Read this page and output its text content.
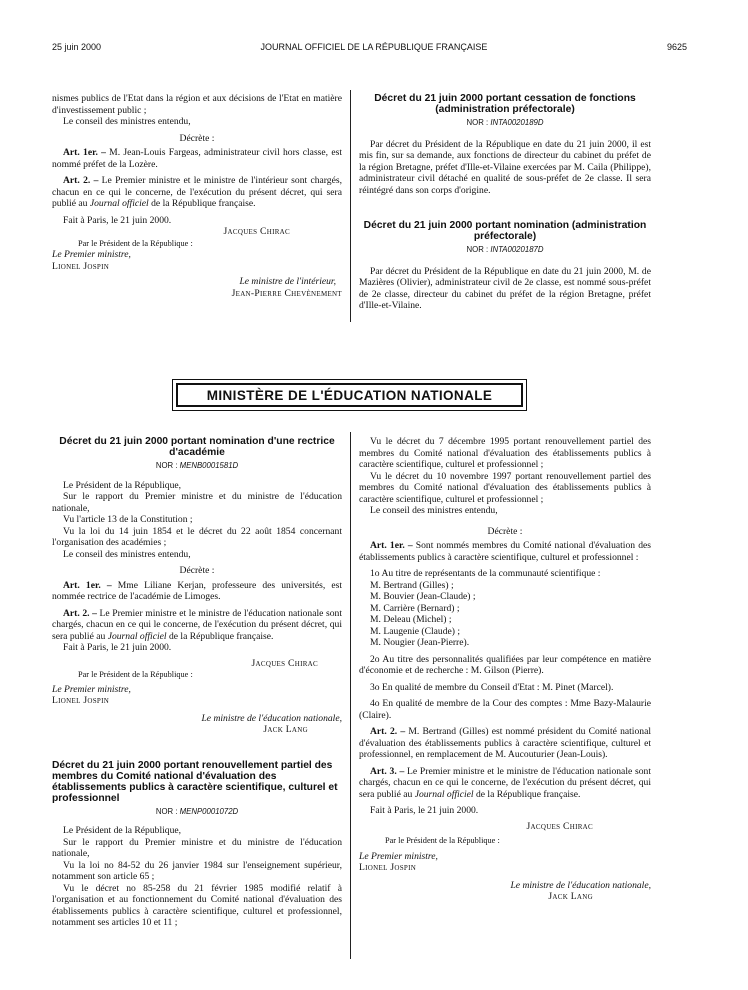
25 juin 2000	JOURNAL OFFICIEL DE LA RÉPUBLIQUE FRANÇAISE	9625

nismes publics de l'Etat dans la région et aux décisions de l'Etat en matière d'investissement public ;

Le conseil des ministres entendu,

Décrète :

Art. 1er. – M. Jean-Louis Fargeas, administrateur civil hors classe, est nommé préfet de la Lozère.

Art. 2. – Le Premier ministre et le ministre de l'intérieur sont chargés, chacun en ce qui le concerne, de l'exécution du présent décret, qui sera publié au Journal officiel de la République française.

Fait à Paris, le 21 juin 2000.

Jacques Chirac

Par le Président de la République :

Le Premier ministre,

Lionel Jospin

Le ministre de l'intérieur,

Jean-Pierre Chevènement

Décret du 21 juin 2000 portant cessation de fonctions (administration préfectorale)

NOR : INTA0020189D

Par décret du Président de la République en date du 21 juin 2000, il est mis fin, sur sa demande, aux fonctions de directeur du cabinet du préfet de la région Bretagne, préfet d'Ille-et-Vilaine exercées par M. Caila (Philippe), administrateur civil détaché en qualité de sous-préfet de 2e classe. Il sera réintégré dans son corps d'origine.

Décret du 21 juin 2000 portant nomination (administration préfectorale)

NOR : INTA0020187D

Par décret du Président de la République en date du 21 juin 2000, M. de Mazières (Olivier), administrateur civil de 2e classe, est nommé sous-préfet de 2e classe, directeur du cabinet du préfet de la région Bretagne, préfet d'Ille-et-Vilaine.

MINISTÈRE DE L'ÉDUCATION NATIONALE

Décret du 21 juin 2000 portant nomination d'une rectrice d'académie

NOR : MENB0001581D

Le Président de la République,

Sur le rapport du Premier ministre et du ministre de l'éducation nationale,

Vu l'article 13 de la Constitution ;

Vu la loi du 14 juin 1854 et le décret du 22 août 1854 concernant l'organisation des académies ;

Le conseil des ministres entendu,

Décrète :

Art. 1er. – Mme Liliane Kerjan, professeure des universités, est nommée rectrice de l'académie de Limoges.

Art. 2. – Le Premier ministre et le ministre de l'éducation nationale sont chargés, chacun en ce qui le concerne, de l'exécution du présent décret, qui sera publié au Journal officiel de la République française.

Fait à Paris, le 21 juin 2000.

Jacques Chirac

Par le Président de la République :

Le Premier ministre,

Lionel Jospin

Le ministre de l'éducation nationale,

Jack Lang

Décret du 21 juin 2000 portant renouvellement partiel des membres du Comité national d'évaluation des établissements publics à caractère scientifique, culturel et professionnel

NOR : MENP0001072D

Le Président de la République,

Sur le rapport du Premier ministre et du ministre de l'éducation nationale,

Vu la loi no 84-52 du 26 janvier 1984 sur l'enseignement supérieur, notamment son article 65 ;

Vu le décret no 85-258 du 21 février 1985 modifié relatif à l'organisation et au fonctionnement du Comité national d'évaluation des établissements publics à caractère scientifique, culturel et professionnel, notamment ses articles 10 et 11 ;

Vu le décret du 7 décembre 1995 portant renouvellement partiel des membres du Comité national d'évaluation des établissements publics à caractère scientifique, culturel et professionnel ;

Vu le décret du 10 novembre 1997 portant renouvellement partiel des membres du Comité national d'évaluation des établissements publics à caractère scientifique, culturel et professionnel ;

Le conseil des ministres entendu,

Décrète :

Art. 1er. – Sont nommés membres du Comité national d'évaluation des établissements publics à caractère scientifique, culturel et professionnel :

1o Au titre de représentants de la communauté scientifique :

M. Bertrand (Gilles) ;

M. Bouvier (Jean-Claude) ;

M. Carrière (Bernard) ;

M. Deleau (Michel) ;

M. Laugenie (Claude) ;

M. Nougier (Jean-Pierre).

2o Au titre des personnalités qualifiées par leur compétence en matière d'économie et de recherche : M. Gilson (Pierre).

3o En qualité de membre du Conseil d'Etat : M. Pinet (Marcel).

4o En qualité de membre de la Cour des comptes : Mme Bazy-Malaurie (Claire).

Art. 2. – M. Bertrand (Gilles) est nommé président du Comité national d'évaluation des établissements publics à caractère scientifique, culturel et professionnel, en remplacement de M. Aucouturier (Jean-Louis).

Art. 3. – Le Premier ministre et le ministre de l'éducation nationale sont chargés, chacun en ce qui le concerne, de l'exécution du présent décret, qui sera publié au Journal officiel de la République française.

Fait à Paris, le 21 juin 2000.

Jacques Chirac

Par le Président de la République :

Le Premier ministre,

Lionel Jospin

Le ministre de l'éducation nationale,

Jack Lang
